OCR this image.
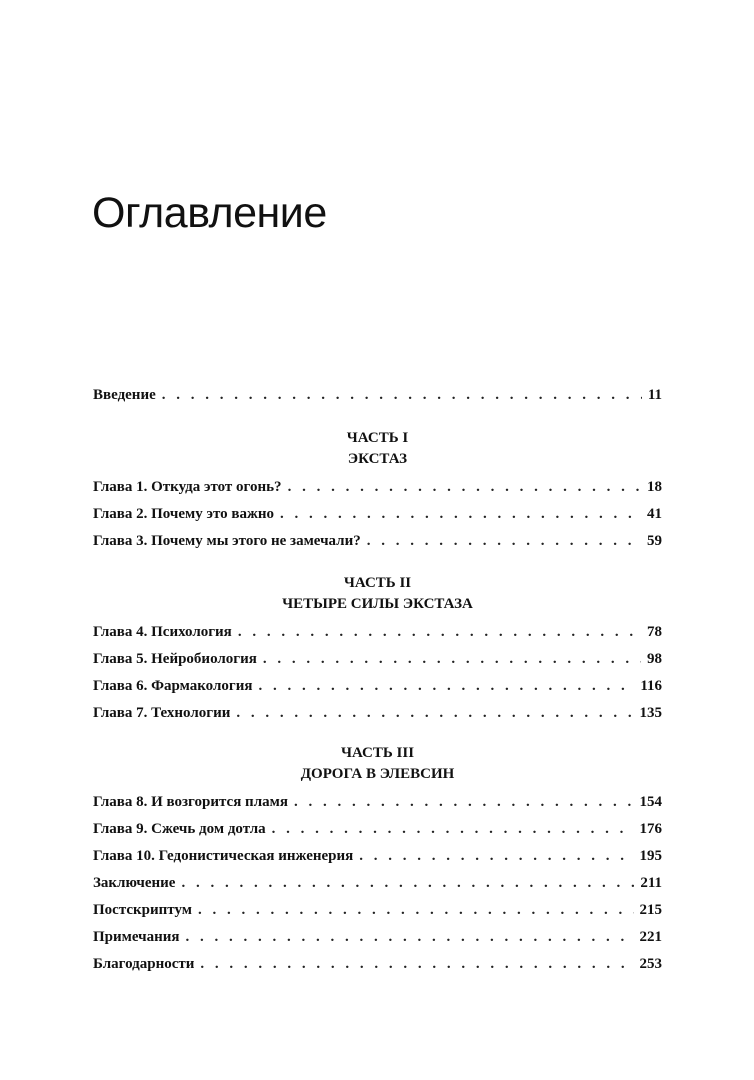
Оглавление
Введение . . .	11
ЧАСТЬ I
ЭКСТАЗ
Глава 1. Откуда этот огонь? . . .	18
Глава 2. Почему это важно . . .	41
Глава 3. Почему мы этого не замечали? . . .	59
ЧАСТЬ II
ЧЕТЫРЕ СИЛЫ ЭКСТАЗА
Глава 4. Психология . . .	78
Глава 5. Нейробиология . . .	98
Глава 6. Фармакология . . .	116
Глава 7. Технологии . . .	135
ЧАСТЬ III
ДОРОГА В ЭЛЕВСИН
Глава 8. И возгорится пламя . . .	154
Глава 9. Сжечь дом дотла . . .	176
Глава 10. Гедонистическая инженерия . . .	195
Заключение . . .	211
Постскриптум . . .	215
Примечания . . .	221
Благодарности . . .	253
